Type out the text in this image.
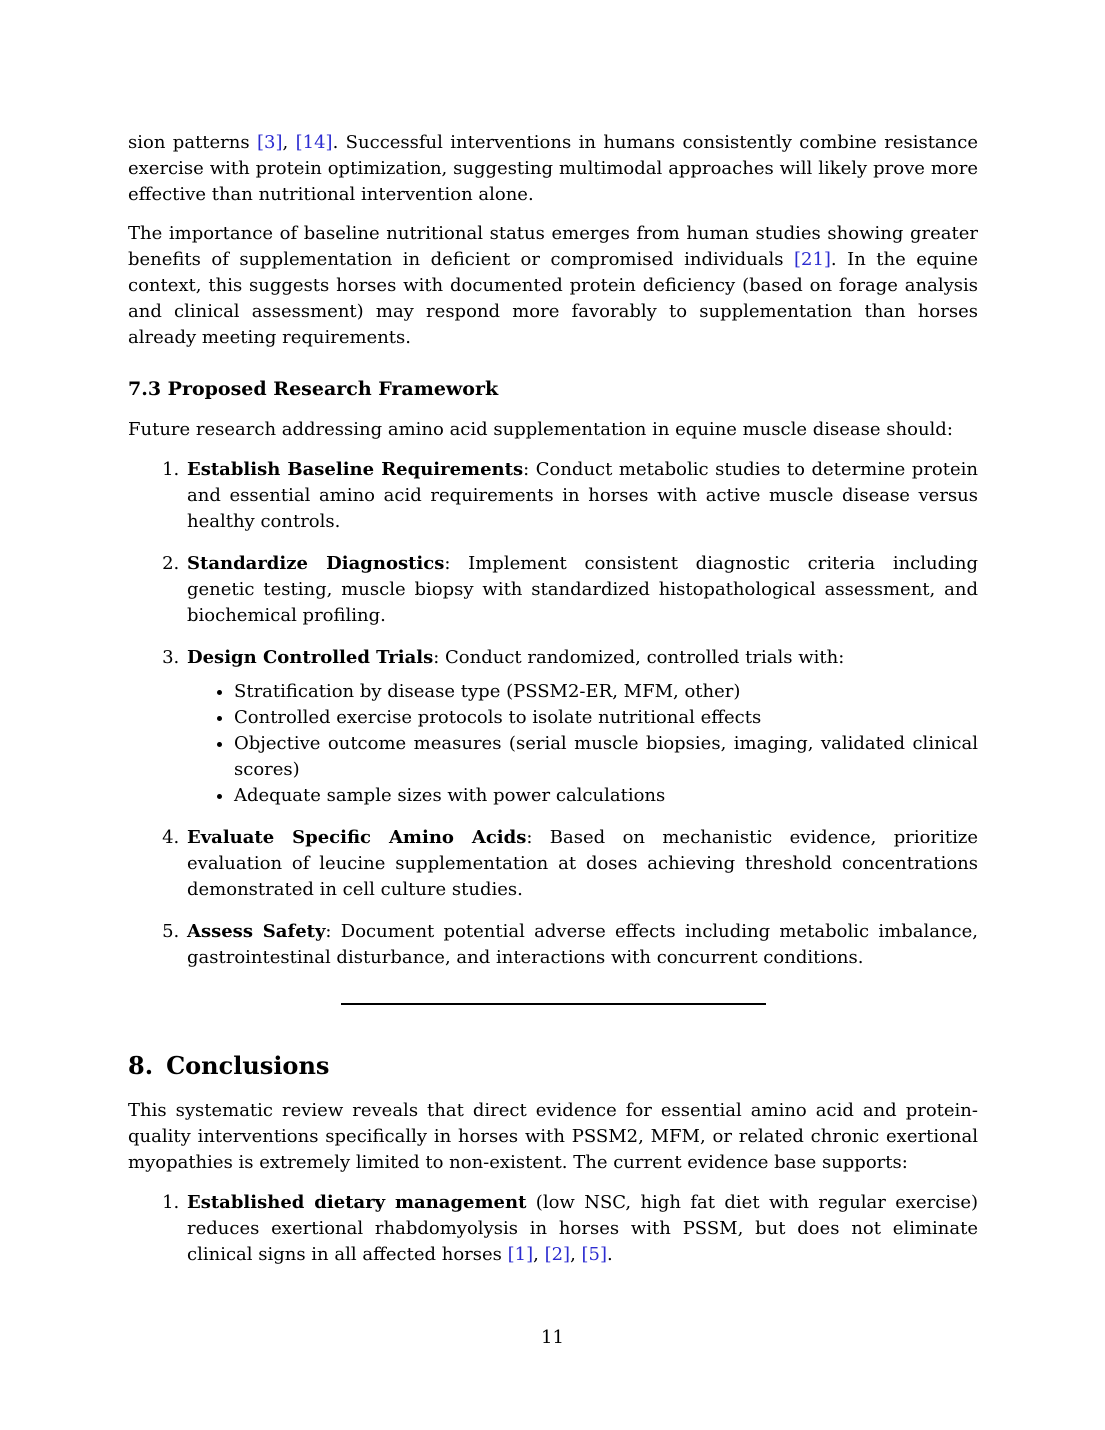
sion patterns [3], [14]. Successful interventions in humans consistently combine resistance exercise with protein optimization, suggesting multimodal approaches will likely prove more effective than nutritional intervention alone.

The importance of baseline nutritional status emerges from human studies showing greater benefits of supplementation in deficient or compromised individuals [21]. In the equine context, this suggests horses with documented protein deficiency (based on forage analysis and clinical assessment) may respond more favorably to supplementation than horses already meeting requirements.

7.3 Proposed Research Framework

Future research addressing amino acid supplementation in equine muscle disease should:

1. Establish Baseline Requirements: Conduct metabolic studies to determine protein and essential amino acid requirements in horses with active muscle disease versus healthy controls.
2. Standardize Diagnostics: Implement consistent diagnostic criteria including genetic testing, muscle biopsy with standardized histopathological assessment, and biochemical profiling.
3. Design Controlled Trials: Conduct randomized, controlled trials with:
• Stratification by disease type (PSSM2-ER, MFM, other)
• Controlled exercise protocols to isolate nutritional effects
• Objective outcome measures (serial muscle biopsies, imaging, validated clinical scores)
• Adequate sample sizes with power calculations
4. Evaluate Specific Amino Acids: Based on mechanistic evidence, prioritize evaluation of leucine supplementation at doses achieving threshold concentrations demonstrated in cell culture studies.
5. Assess Safety: Document potential adverse effects including metabolic imbalance, gastrointestinal disturbance, and interactions with concurrent conditions.
8. Conclusions

This systematic review reveals that direct evidence for essential amino acid and protein-quality interventions specifically in horses with PSSM2, MFM, or related chronic exertional myopathies is extremely limited to non-existent. The current evidence base supports:

1. Established dietary management (low NSC, high fat diet with regular exercise) reduces exertional rhabdomyolysis in horses with PSSM, but does not eliminate clinical signs in all affected horses [1], [2], [5].
11
